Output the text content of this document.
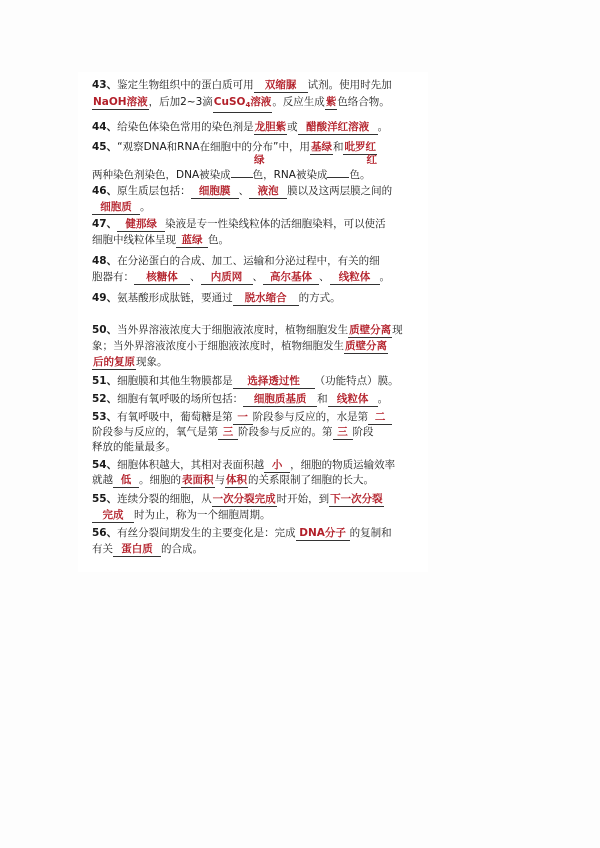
43、鉴定生物组织中的蛋白质可用 双缩脲 试剂。使用时先加
NaOH溶液，后加2~3滴CuSO$_4$溶液。反应生成紫色络合物。
44、给染色体染色常用的染色剂是龙胆紫或 醋酸洋红溶液 。
45、“观察DNA和RNA在细胞中的分布”中，用基绿和吡罗红
绿	红
两种染色剂染色，DNA被染成 色，RNA被染成 色。
46、原生质层包括： 细胞膜 、 液泡 膜以及这两层膜之间的
细胞质 。
47、 健那绿 染液是专一性染线粒体的活细胞染料，可以使活
细胞中线粒体呈现 蓝绿 色。
48、在分泌蛋白的合成、加工、运输和分泌过程中，有关的细
胞器有： 核糖体 、 内质网 、 高尔基体 、 线粒体 。
49、氨基酸形成肽链，要通过 脱水缩合 的方式。
50、当外界溶液浓度大于细胞液浓度时，植物细胞发生质壁分离现
象；当外界溶液浓度小于细胞液浓度时，植物细胞发生质壁分离
后的复原现象。
51、细胞膜和其他生物膜都是 选择透过性 （功能特点）膜。
52、细胞有氧呼吸的场所包括： 细胞质基质 和 线粒体 。
53、有氧呼吸中，葡萄糖是第 一 阶段参与反应的，水是第 二
阶段参与反应的，氧气是第 三 阶段参与反应的。第 三 阶段
释放的能量最多。
54、细胞体积越大，其相对表面积越 小 ，细胞的物质运输效率
就越 低 。细胞的表面积与体积的关系限制了细胞的长大。
55、连续分裂的细胞，从一次分裂完成时开始，到下一次分裂
完成 时为止，称为一个细胞周期。
56、有丝分裂间期发生的主要变化是：完成 DNA分子 的复制和
有关 蛋白质 的合成。
